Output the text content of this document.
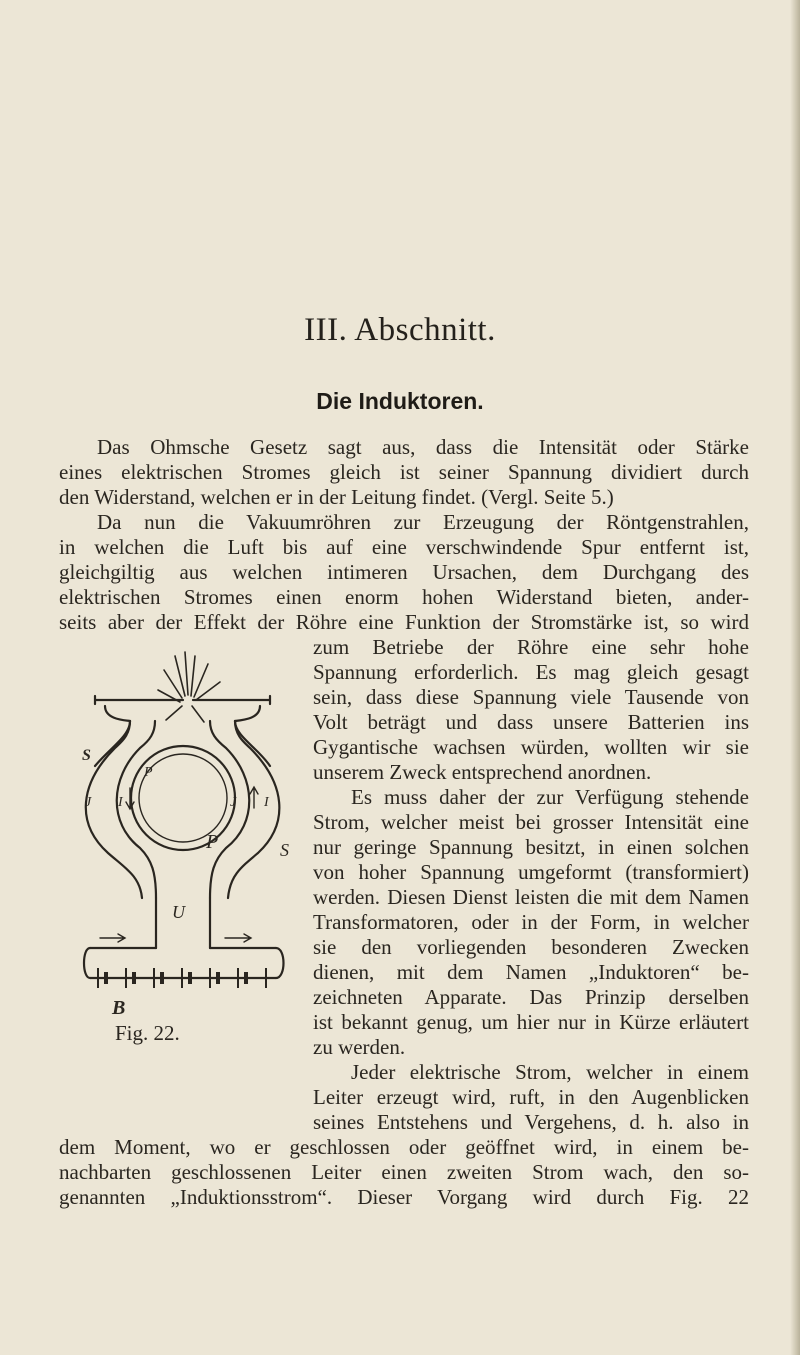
III. Abschnitt.
Die Induktoren.
Das Ohmsche Gesetz sagt aus, dass die Intensität oder Stärke
eines elektrischen Stromes gleich ist seiner Spannung dividiert durch
den Widerstand, welchen er in der Leitung findet. (Vergl. Seite 5.)
Da nun die Vakuumröhren zur Erzeugung der Röntgenstrahlen,
in welchen die Luft bis auf eine verschwindende Spur entfernt ist,
gleichgiltig aus welchen intimeren Ursachen, dem Durchgang des
elektrischen Stromes einen enorm hohen Widerstand bieten, ander-
seits aber der Effekt der Röhre eine Funktion der Stromstärke ist, so wird
zum Betriebe der Röhre eine sehr hohe
Spannung erforderlich. Es mag gleich gesagt
sein, dass diese Spannung viele Tausende von
Volt beträgt und dass unsere Batterien ins
Gygantische wachsen würden, wollten wir sie
unserem Zweck entsprechend anordnen.
Es muss daher der zur Verfügung stehende
Strom, welcher meist bei grosser Intensität eine
nur geringe Spannung besitzt, in einen solchen
von hoher Spannung umgeformt (transformiert)
werden. Diesen Dienst leisten die mit dem Namen
Transformatoren, oder in der Form, in welcher
sie den vorliegenden besonderen Zwecken
dienen, mit dem Namen „Induktoren“ be-
zeichneten Apparate. Das Prinzip derselben
ist bekannt genug, um hier nur in Kürze erläutert
zu werden.
Jeder elektrische Strom, welcher in einem
Leiter erzeugt wird, ruft, in den Augenblicken
seines Entstehens und Vergehens, d. h. also in
dem Moment, wo er geschlossen oder geöffnet wird, in einem be-
nachbarten geschlossenen Leiter einen zweiten Strom wach, den so-
genannten „Induktionsstrom“. Dieser Vorgang wird durch Fig. 22
S
P
P
J I	J I
S
U
B
Fig. 22.
